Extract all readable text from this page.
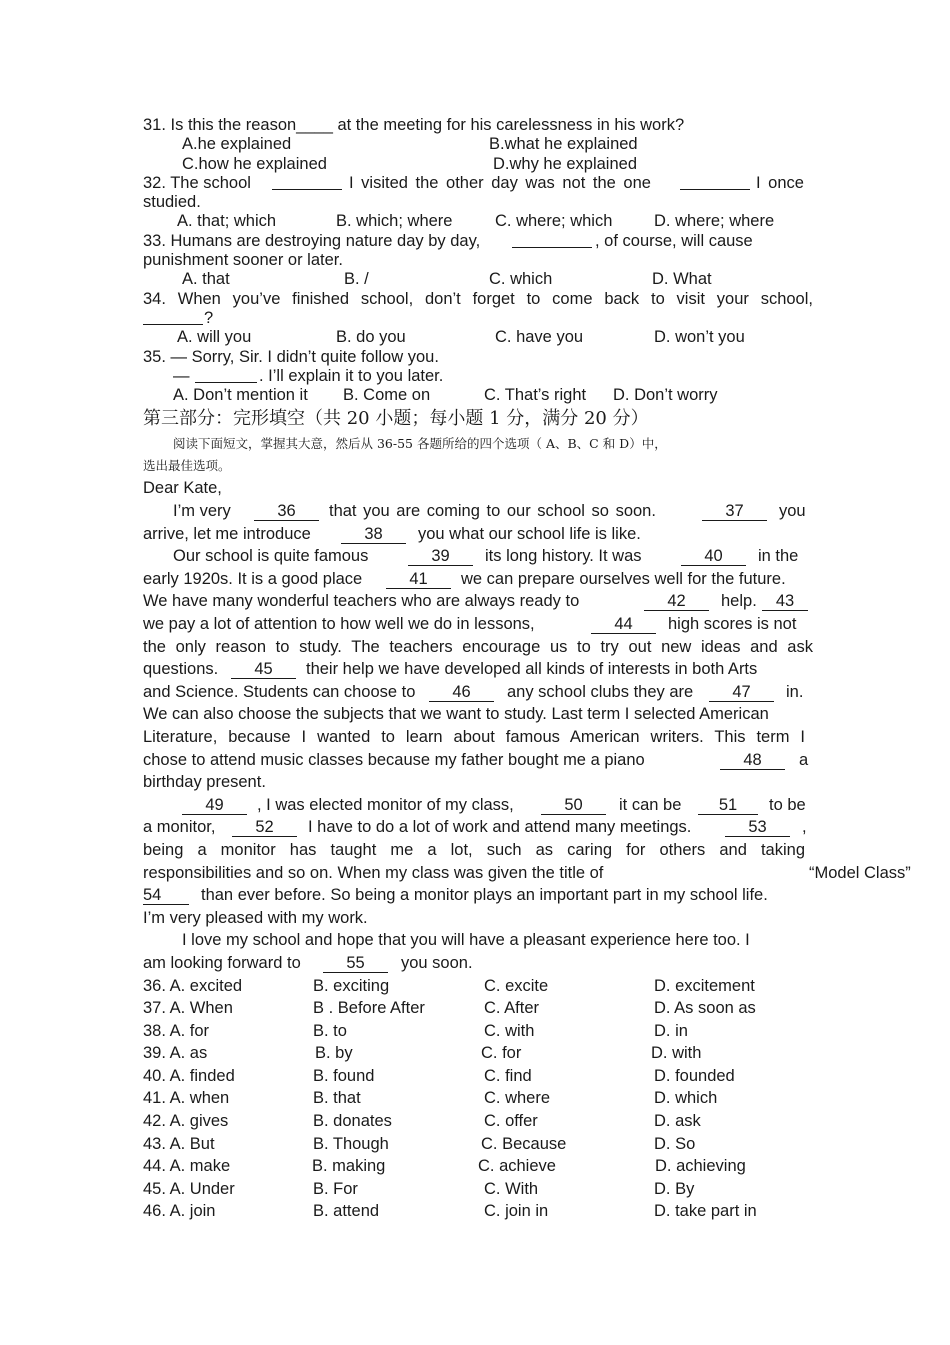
31. Is this the reason____ at the meeting for his carelessness in his work?
A.he explained	B.what he explained
C.how he explained	D.why he explained
32. The school	I visited the other day was not the one	I once
studied.
A. that; which	B. which; where	C. where; which	D. where; where
33. Humans are destroying nature day by day,	, of course, will cause
punishment sooner or later.
A. that	B. /	C. which	D. What
34. When you’ve finished school, don’t forget to come back to visit your school,
?
A. will you	B. do you	C. have you	D. won’t you
35. — Sorry, Sir. I didn’t quite follow you.
—	. I’ll explain it to you later.
A. Don’t mention it B. Come on	C. That’s right D. Don’t worry
第三部分：完形填空（共 20 小题；每小题 1 分，满分 20 分）
阅读下面短文，掌握其大意，然后从 36-55 各题所给的四个选项（ A、B、C 和 D）中，
选出最佳选项。
Dear Kate,
I’m very	36	that you are coming to our school so soon.	37	you
arrive, let me introduce	38	you what our school life is like.
Our school is quite famous	39	its long history. It was	40	in the
early 1920s. It is a good place	41	we can prepare ourselves well for the future.
We have many wonderful teachers who are always ready to	42	help.	43
we pay a lot of attention to how well we do in lessons,	44	high scores is not
the only reason to study. The teachers encourage us to try out new ideas and ask
questions.	45	their help we have developed all kinds of interests in both Arts
and Science. Students can choose to	46	any school clubs they are	47	in.
We can also choose the subjects that we want to study. Last term I selected American
Literature, because I wanted to learn about famous American writers. This term I
chose to attend music classes because my father bought me a piano	48	a
birthday present.
49	, I was elected monitor of my class,	50	it can be	51	to be
a monitor,	52	I have to do a lot of work and attend many meetings.	53	,
being a monitor has taught me a lot, such as caring for others and taking
responsibilities and so on. When my class was given the title of	“Model Class”
54	than ever before. So being a monitor plays an important part in my school life.
I’m very pleased with my work.
I love my school and hope that you will have a pleasant experience here too. I
am looking forward to	55	you soon.
36. A. excited	B. exciting	C. excite	D. excitement
37. A. When	B . Before After	C. After	D. As soon as
38. A. for	B. to	C. with	D. in
39. A. as	B. by	C. for	D. with
40. A. finded	B. found	C. find	D. founded
41. A. when	B. that	C. where	D. which
42. A. gives	B. donates	C. offer	D. ask
43. A. But	B. Though	C. Because	D. So
44. A. make	B. making	C. achieve	D. achieving
45. A. Under	B. For	C. With	D. By
46. A. join	B. attend	C. join in	D. take part in
